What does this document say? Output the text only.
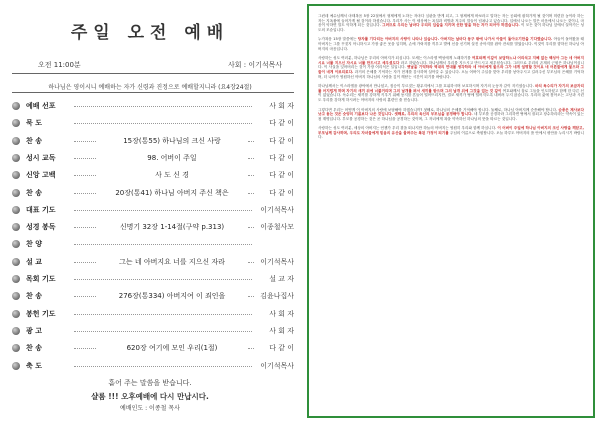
주일 오전 예배
오전 11:00분	사회 : 이기석목사
하나님은 영이시니 예배하는 자가 신령과 진정으로 예배할지니라 (요4장24절)
예배 선포	사 회 자
묵 도	다 같 이
찬 송	15장(통55) 하나님의 크신 사랑	다 같 이
성시 교독	98. 어버이 주일	다 같 이
신앙 고백	사 도 신 경	다 같 이
찬 송	20장(통41) 하나님 아버지 주신 책은	다 같 이
대표 기도	이기석목사
성경 봉독	신명기 32장 1-14절(구약 p.313)	이종철사모
찬 양
설 교	그는 네 아버지요 너를 지으신 자라	이기석목사
목회 기도	설 교 자
찬 송	276장(통334) 아버지여 이 죄인을	김윤나집사
봉헌 기도	사 회 자
광 고	사 회 자
찬 송	620장 여기에 모인 우리(1절)	다 같 이
축 도	이기석목사
흩어 주는 말씀을 받습니다.
샬롬 !!! 오후예배에 다시 만납시다.
예배인도 : 이종철 목사

그런데 예수님께서 마태복음 5장 22절에서 형제에게 노하는 자마다 심판을 받게 되고, 그 형제에게 바보라고 말하는 자는 공회에 잡혀가게 될 것이며 미련한 놈이라 하는 자는 지옥불에 들어가게 될 것이라 하셨습니다. 우리가 사는 이 세상에는 욕설과 비방과 저주의 말들이 넘쳐나고 있습니다. 입에서 나오는 말은 마음에서 나오는 것이니, 마음이 악하면 말도 악하게 되는 것입니다. 그러므로 우리는 날마다 우리의 입술을 지키며 선한 말을 하는 자가 되어야 하겠습니다. 이 모든 것이 하나님 앞에서 살아가는 성도의 모습입니다.

누가복음 15장 말씀에는 탕자를 기다리는 아버지의 사랑이 나타나 있습니다. 아버지는 날마다 동구 밖에 나가서 아들이 돌아오기만을 기다렸습니다. 아들이 돌아왔을 때 아버지는 그를 꾸짖지 아니하시고 가장 좋은 옷을 입히며, 손에 가락지를 끼우고 발에 신을 신기며 살진 송아지를 잡아 잔치를 벌였습니다. 이것이 우리를 향하신 하나님 아버지의 마음입니다.

사랑하는 성도 여러분, 하나님은 우리의 아버지가 되십니다. 모세는 이스라엘 백성에게 노래하기를 여호와께 이같이 보답하느냐 어리석고 지혜 없는 백성아 그는 네 아버지시요 너를 지으신 자시요 너를 만드시고 세우셨도다 라고 하였습니다. 하나님께서 우리를 지으시고 만드시고 세우셨습니다. 그러므로 우리의 존재의 근원은 하나님이십니다. 이 사실을 잊어버리는 것이 가장 어리석은 일입니다. 옛날을 기억하라 역대의 연대를 생각하라 네 아비에게 물으라 그가 네게 설명할 것이요 네 어른들에게 물으라 그들이 네게 이르리로다. 과거의 은혜를 기억하는 자가 현재를 감사하며 살아갈 수 있습니다. 오늘 어버이 주일을 맞아 우리를 낳아주시고 길러주신 부모님의 은혜를 기억하며, 더 나아가 영원하신 아버지 하나님의 사랑을 깊이 깨닫는 시간이 되기를 바랍니다.

하나님께서는 이스라엘을 광야에서 만나셨고, 짐승이 부르짖는 황무지에서 그를 호위하시며 보호하시며 자기의 눈동자 같이 지키셨습니다. 마치 독수리가 자기의 보금자리를 어지럽게 하며 자기의 새끼 위에 너풀거리며 그의 날개를 펴서 새끼를 받으며 그의 날개 위에 그것을 업는 것 같이 여호와께서 홀로 그들을 인도하셨고 함께 한 다른 신이 없었습니다. 독수리는 새끼를 강하게 키우기 위해 둥지를 흔들어 떨어뜨리지만, 결코 새끼가 땅에 떨어지도록 내버려 두지 않습니다. 우리의 삶에 찾아오는 고난과 시련도 우리를 강하게 하시려는 아버지의 사랑의 훈련인 줄 믿습니다.

그렇다면 우리는 어떻게 이 아버지의 사랑에 보답해야 하겠습니까? 첫째로, 하나님의 은혜를 기억해야 합니다. 둘째로, 하나님 아버지께 순종해야 합니다. 순종은 제사보다 낫고 듣는 것은 숫양의 기름보다 나은 것입니다. 셋째로, 우리의 육신의 부모님을 공경해야 합니다. 네 부모를 공경하라 그리하면 땅에서 잘되고 장수하리라는 약속이 있는 첫 계명입니다. 부모를 공경하는 것은 곧 하나님을 공경하는 것이며, 그 자녀에게 복을 약속하신 하나님의 뜻을 따르는 것입니다.

사랑하는 성도 여러분, 세상의 아버지는 언젠가 우리 곁을 떠나지만 하늘의 아버지는 영원히 우리와 함께 하십니다. 이 어버이 주일에 하나님 아버지의 크신 사랑을 깨닫고, 부모님께 감사하며, 우리도 자녀들에게 믿음의 유산을 물려주는 복된 가정이 되기를 주님의 이름으로 축원합니다. 오늘 하루도 아버지의 품 안에서 평안을 누리시기 바랍니다.
